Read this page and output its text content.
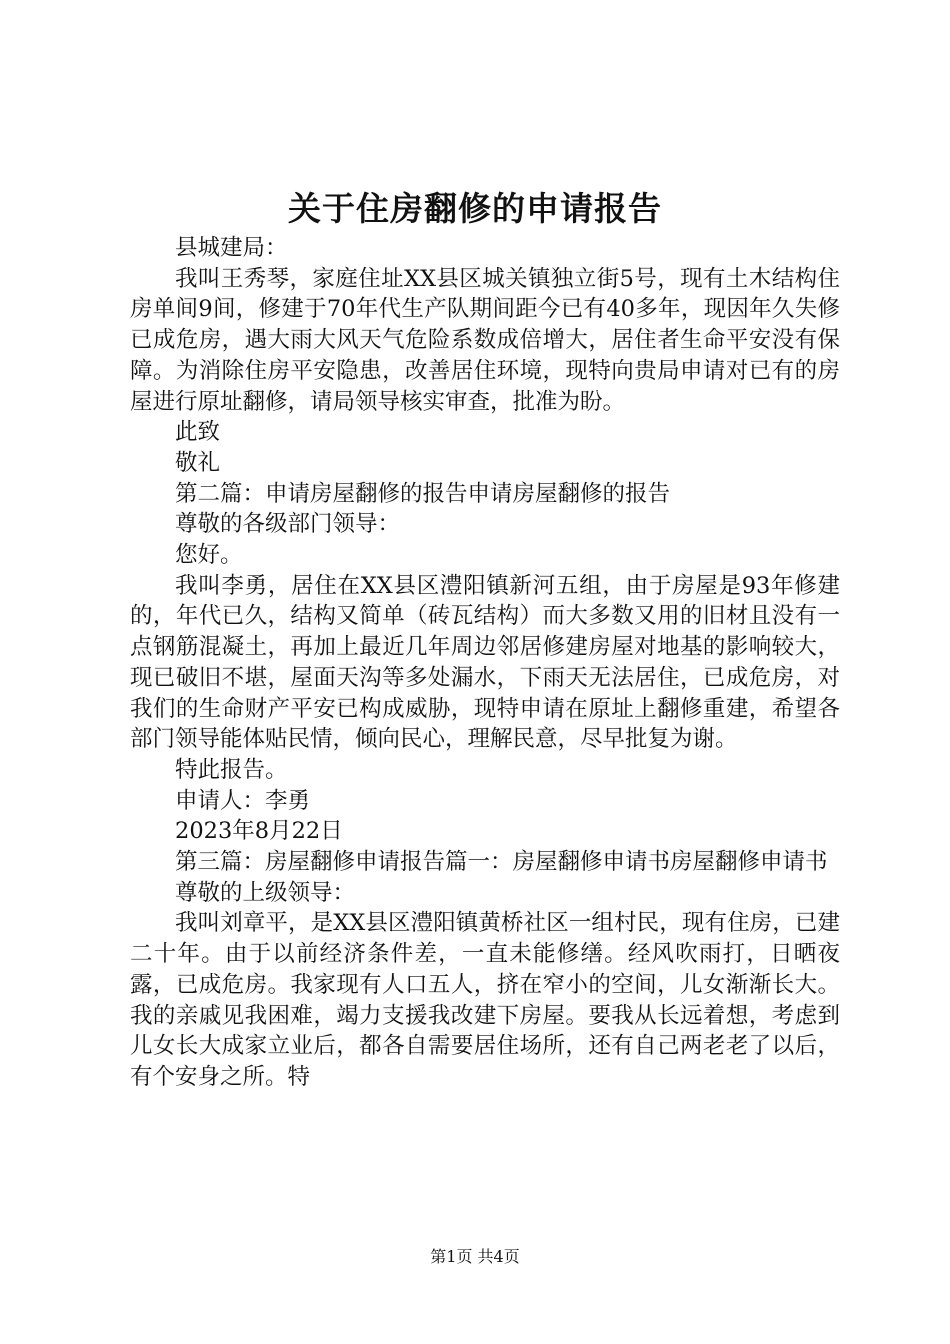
关于住房翻修的申请报告

县城建局：

我叫王秀琴，家庭住址XX县区城关镇独立街5号，现有土木结构住房单间9间，修建于70年代生产队期间距今已有40多年，现因年久失修已成危房，遇大雨大风天气危险系数成倍增大，居住者生命平安没有保障。为消除住房平安隐患，改善居住环境，现特向贵局申请对已有的房屋进行原址翻修，请局领导核实审查，批准为盼。

此致

敬礼

第二篇：申请房屋翻修的报告申请房屋翻修的报告

尊敬的各级部门领导：

您好。

我叫李勇，居住在XX县区澧阳镇新河五组，由于房屋是93年修建的，年代已久，结构又简单（砖瓦结构）而大多数又用的旧材且没有一点钢筋混凝土，再加上最近几年周边邻居修建房屋对地基的影响较大，现已破旧不堪，屋面天沟等多处漏水，下雨天无法居住，已成危房，对我们的生命财产平安已构成威胁，现特申请在原址上翻修重建，希望各部门领导能体贴民情，倾向民心，理解民意，尽早批复为谢。

特此报告。

申请人：李勇

2023年8月22日

第三篇：房屋翻修申请报告篇一：房屋翻修申请书房屋翻修申请书

尊敬的上级领导：

我叫刘章平，是XX县区澧阳镇黄桥社区一组村民，现有住房，已建二十年。由于以前经济条件差，一直未能修缮。经风吹雨打，日晒夜露，已成危房。我家现有人口五人，挤在窄小的空间，儿女渐渐长大。我的亲戚见我困难，竭力支援我改建下房屋。要我从长远着想，考虑到儿女长大成家立业后，都各自需要居住场所，还有自己两老老了以后，有个安身之所。特

第1页 共4页
